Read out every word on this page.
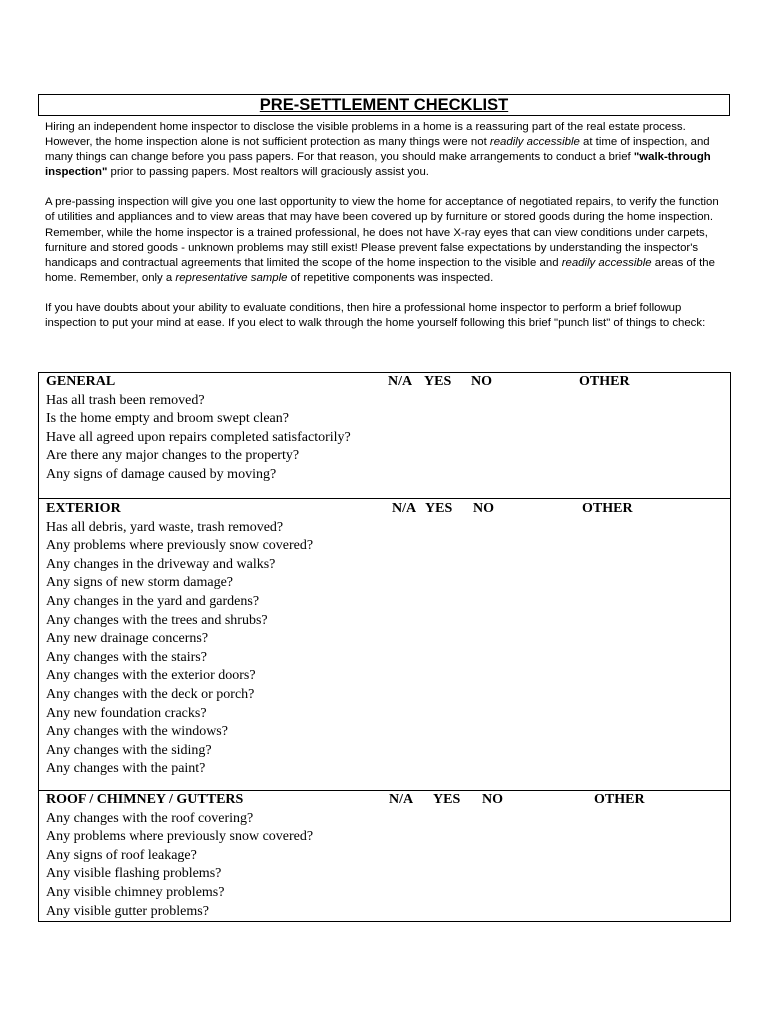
PRE-SETTLEMENT CHECKLIST

Hiring an independent home inspector to disclose the visible problems in a home is a reassuring part of the real estate process. However, the home inspection alone is not sufficient protection as many things were not readily accessible at time of inspection, and many things can change before you pass papers. For that reason, you should make arrangements to conduct a brief "walk-through inspection" prior to passing papers. Most realtors will graciously assist you.

A pre-passing inspection will give you one last opportunity to view the home for acceptance of negotiated repairs, to verify the function of utilities and appliances and to view areas that may have been covered up by furniture or stored goods during the home inspection. Remember, while the home inspector is a trained professional, he does not have X-ray eyes that can view conditions under carpets, furniture and stored goods - unknown problems may still exist! Please prevent false expectations by understanding the inspector's handicaps and contractual agreements that limited the scope of the home inspection to the visible and readily accessible areas of the home. Remember, only a representative sample of repetitive components was inspected.

If you have doubts about your ability to evaluate conditions, then hire a professional home inspector to perform a brief followup inspection to put your mind at ease. If you elect to walk through the home yourself following this brief "punch list" of things to check:

GENERAL	N/A YES NO	OTHER
Has all trash been removed?
Is the home empty and broom swept clean?
Have all agreed upon repairs completed satisfactorily?
Are there any major changes to the property?
Any signs of damage caused by moving?
EXTERIOR	N/A YES NO	OTHER
Has all debris, yard waste, trash removed?
Any problems where previously snow covered?
Any changes in the driveway and walks?
Any signs of new storm damage?
Any changes in the yard and gardens?
Any changes with the trees and shrubs?
Any new drainage concerns?
Any changes with the stairs?
Any changes with the exterior doors?
Any changes with the deck or porch?
Any new foundation cracks?
Any changes with the windows?
Any changes with the siding?
Any changes with the paint?
ROOF / CHIMNEY / GUTTERS	N/A YES NO	OTHER
Any changes with the roof covering?
Any problems where previously snow covered?
Any signs of roof leakage?
Any visible flashing problems?
Any visible chimney problems?
Any visible gutter problems?
